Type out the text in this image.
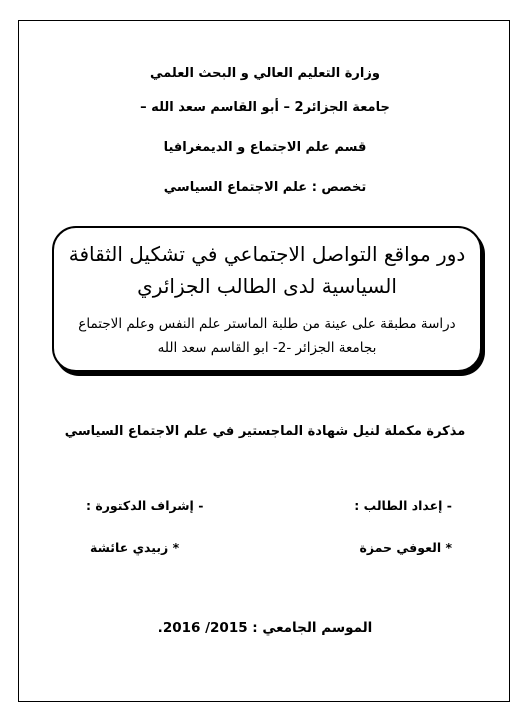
وزارة التعليم العالي و البحث العلمي
جامعة الجزائر2 – أبو القاسم سعد الله –
قسم علم الاجتماع و الديمغرافيا
تخصص : علم الاجتماع السياسي
دور مواقع التواصل الاجتماعي في تشكيل الثقافة
السياسية لدى الطالب الجزائري
دراسة مطبقة على عينة من طلبة الماستر علم النفس وعلم الاجتماع
بجامعة الجزائر -2- ابو القاسم سعد الله
مذكرة مكملة لنيل شهادة الماجستير في علم الاجتماع السياسي
- إعداد الطالب :
- إشراف الدكتورة :
* العوفي حمزة
* زبيدي عائشة
الموسم الجامعي : 2015/ 2016.
